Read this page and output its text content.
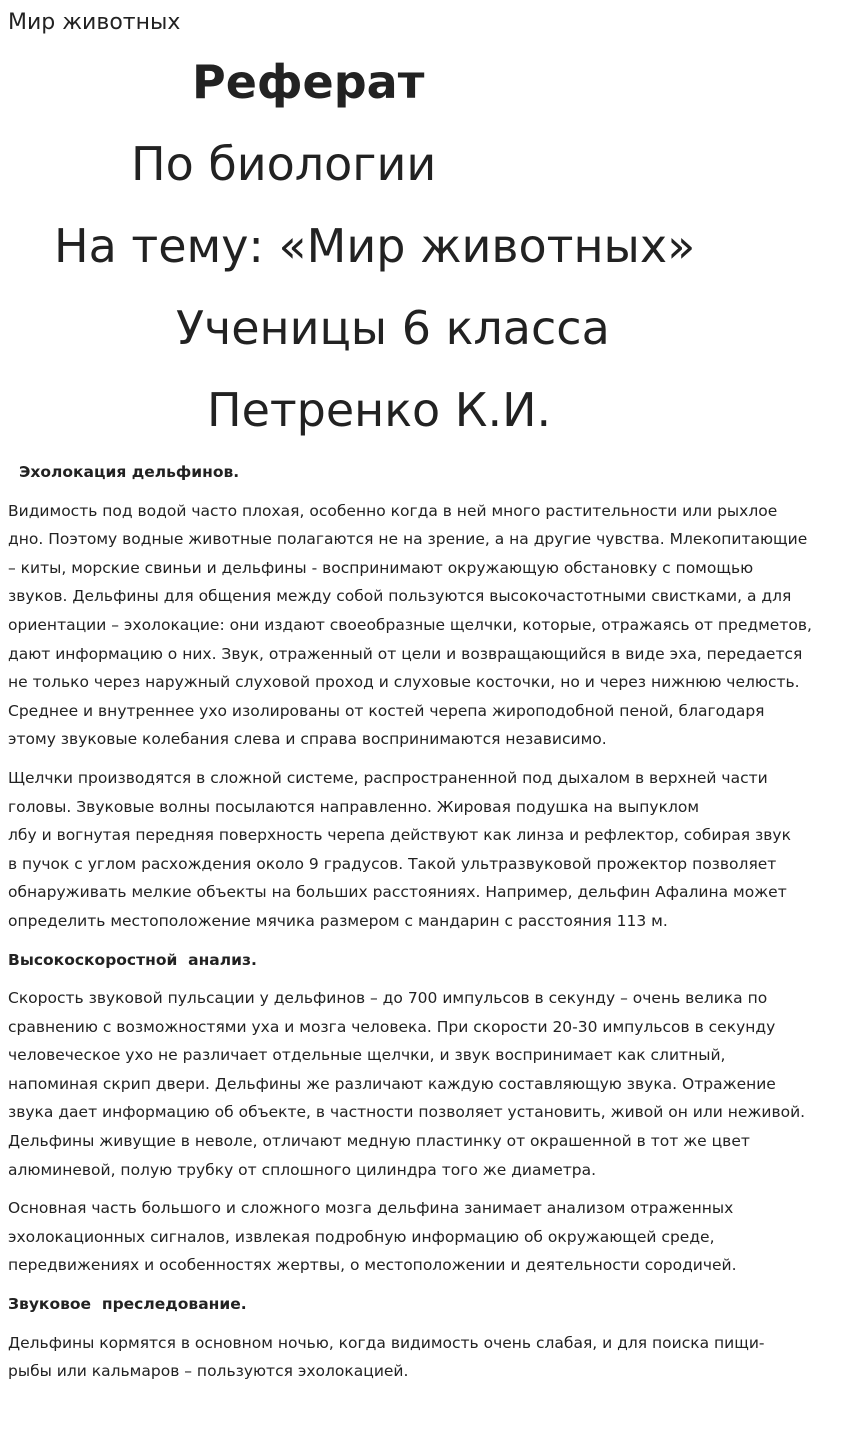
Мир животных
Реферат
По биологии
На тему: «Мир животных»
Ученицы 6 класса
Петренко К.И.
Эхолокация дельфинов.
Видимость под водой часто плохая, особенно когда в ней много растительности или рыхлое
дно. Поэтому водные животные полагаются не на зрение, а на другие чувства. Млекопитающие
– киты, морские свиньи и дельфины - воспринимают окружающую обстановку с помощью
звуков. Дельфины для общения между собой пользуются высокочастотными свистками, а для
ориентации – эхолокацие: они издают своеобразные щелчки, которые, отражаясь от предметов,
дают информацию о них. Звук, отраженный от цели и возвращающийся в виде эха, передается
не только через наружный слуховой проход и слуховые косточки, но и через нижнюю челюсть.
Среднее и внутреннее ухо изолированы от костей черепа жироподобной пеной, благодаря
этому звуковые колебания слева и справа воспринимаются независимо.
Щелчки производятся в сложной системе, распространенной под дыхалом в верхней части
головы. Звуковые волны посылаются направленно. Жировая подушка на выпуклом
лбу и вогнутая передняя поверхность черепа действуют как линза и рефлектор, собирая звук
в пучок с углом расхождения около 9 градусов. Такой ультразвуковой прожектор позволяет
обнаруживать мелкие объекты на больших расстояниях. Например, дельфин Афалина может
определить местоположение мячика размером с мандарин с расстояния 113 м.
Высокоскоростной  анализ.
Скорость звуковой пульсации у дельфинов – до 700 импульсов в секунду – очень велика по
сравнению с возможностями уха и мозга человека. При скорости 20-30 импульсов в секунду
человеческое ухо не различает отдельные щелчки, и звук воспринимает как слитный,
напоминая скрип двери. Дельфины же различают каждую составляющую звука. Отражение
звука дает информацию об объекте, в частности позволяет установить, живой он или неживой.
Дельфины живущие в неволе, отличают медную пластинку от окрашенной в тот же цвет
алюминевой, полую трубку от сплошного цилиндра того же диаметра.
Основная часть большого и сложного мозга дельфина занимает анализом отраженных
эхолокационных сигналов, извлекая подробную информацию об окружающей среде,
передвижениях и особенностях жертвы, о местоположении и деятельности сородичей.
Звуковое  преследование.
Дельфины кормятся в основном ночью, когда видимость очень слабая, и для поиска пищи-
рыбы или кальмаров – пользуются эхолокацией.
